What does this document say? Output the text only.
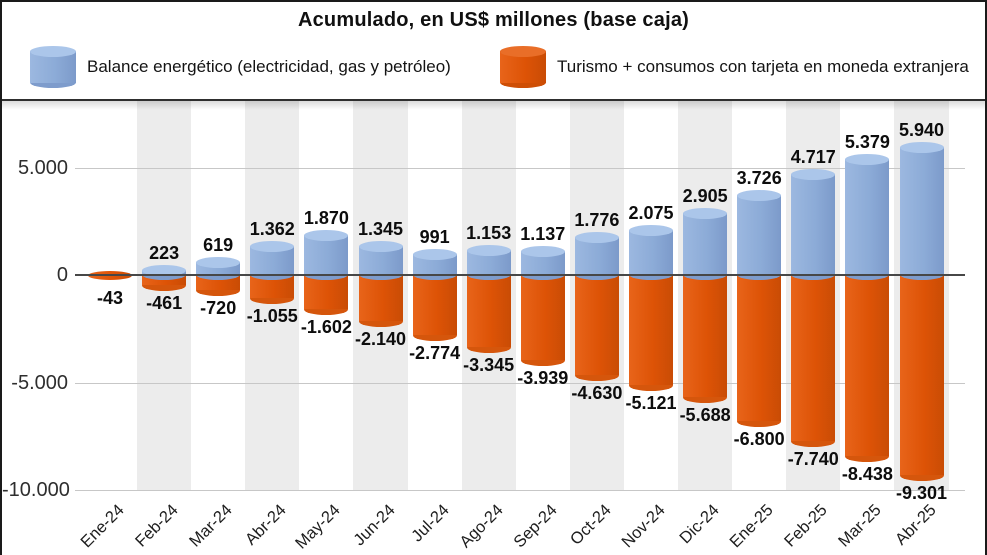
Acumulado, en US$ millones (base caja)
Balance energético (electricidad, gas y petróleo)	Turismo + consumos con tarjeta en moneda extranjera
5.000
0
-5.000
-10.000
-43
Ene-24
-461
223
Feb-24
-720
619
Mar-24
-1.055
1.362
Abr-24
-1.602
1.870
May-24
-2.140
1.345
Jun-24
-2.774
991
Jul-24
-3.345
1.153
Ago-24
-3.939
1.137
Sep-24
-4.630
1.776
Oct-24
-5.121
2.075
Nov-24
-5.688
2.905
Dic-24
-6.800
3.726
Ene-25
-7.740
4.717
Feb-25
-8.438
5.379
Mar-25
-9.301
5.940
Abr-25
